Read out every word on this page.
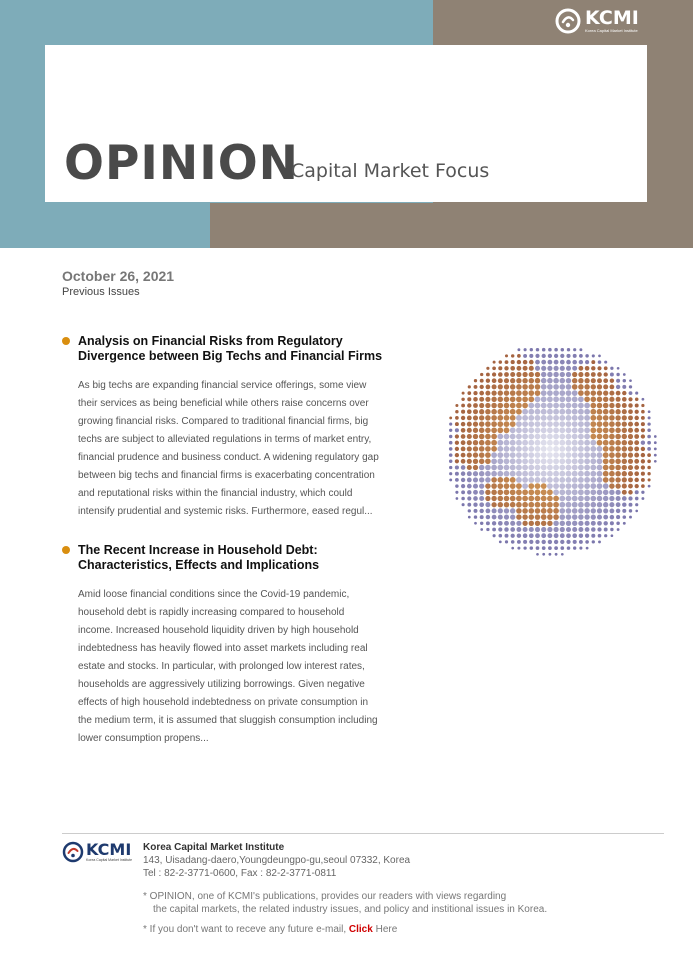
KCMI
Korea Capital Market Institute
OPINION
Capital Market Focus
October 26, 2021
Previous Issues
Analysis on Financial Risks from Regulatory
Divergence between Big Techs and Financial Firms
As big techs are expanding financial service offerings, some view
their services as being beneficial while others raise concerns over
growing financial risks. Compared to traditional financial firms, big
techs are subject to alleviated regulations in terms of market entry,
financial prudence and business conduct. A widening regulatory gap
between big techs and financial firms is exacerbating concentration
and reputational risks within the financial industry, which could
intensify prudential and systemic risks. Furthermore, eased regul...
The Recent Increase in Household Debt:
Characteristics, Effects and Implications
Amid loose financial conditions since the Covid-19 pandemic,
household debt is rapidly increasing compared to household
income. Increased household liquidity driven by high household
indebtedness has heavily flowed into asset markets including real
estate and stocks. In particular, with prolonged low interest rates,
households are aggressively utilizing borrowings. Given negative
effects of high household indebtedness on private consumption in
the medium term, it is assumed that sluggish consumption including
lower consumption propens...
KCMI
Korea Capital Market Institute
Korea Capital Market Institute
143, Uisadang-daero,Youngdeungpo-gu,seoul 07332, Korea
Tel : 82-2-3771-0600, Fax : 82-2-3771-0811
* OPINION, one of KCMI's publications, provides our readers with views regarding
the capital markets, the related industry issues, and policy and institional issues in Korea.
* If you don't want to receve any future e-mail, Click Here
